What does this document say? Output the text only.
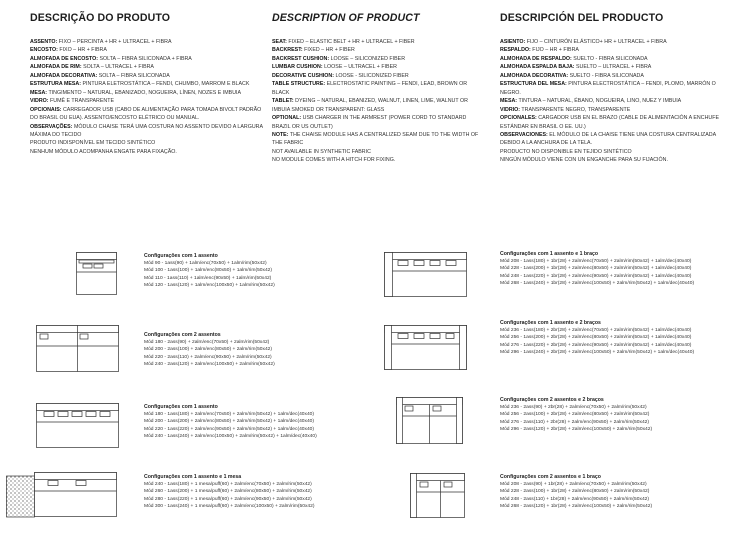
DESCRIÇÃO DO PRODUTO

ASSENTO: FIXO – PERCINTA + HR + ULTRACEL + FIBRA

ENCOSTO: FIXO – HR + FIBRA

ALMOFADA DE ENCOSTO: SOLTA – FIBRA SILICONADA + FIBRA

ALMOFADA DE RIM: SOLTA – ULTRACEL + FIBRA

ALMOFADA DECORATIVA: SOLTA – FIBRA SILICONADA

ESTRUTURA MESA: PINTURA ELETROSTÁTICA – FENDI, CHUMBO, MARROM E BLACK

MESA: TINGIMENTO – NATURAL, EBANIZADO, NOGUEIRA, LÍNEN, NOZES E IMBUIA

VIDRO: FUMÊ E TRANSPARENTE

OPCIONAIS: CARREGADOR USB (CABO DE ALIMENTAÇÃO PARA TOMADA BIVOLT PADRÃO DO BRASIL OU EUA). ASSENTO/ENCOSTO ELÉTRICO OU MANUAL.

OBSERVAÇÕES: MÓDULO CHAISE TERÁ UMA COSTURA NO ASSENTO DEVIDO A LARGURA MÁXIMA DO TECIDO

PRODUTO INDISPONÍVEL EM TECIDO SINTÉTICO

NENHUM MÓDULO ACOMPANHA ENGATE PARA FIXAÇÃO.

DESCRIPTION OF PRODUCT

SEAT: FIXED – ELASTIC BELT + HR + ULTRACEL + FIBER

BACKREST: FIXED – HR + FIBER

BACKREST CUSHION: LOOSE – SILICONIZED FIBER

LUMBAR CUSHION: LOOSE – ULTRACEL + FIBER

DECORATIVE CUSHION: LOOSE - SILICONIZED FIBER

TABLE STRUCTURE: ELECTROSTATIC PAINTING – FENDI, LEAD, BROWN OR BLACK

TABLET: DYEING – NATURAL, EBANIZED, WALNUT, LINEN, LIME, WALNUT OR IMBUIA SMOKED OR TRANSPARENT: GLASS

OPTIONAL: USB CHARGER IN THE ARMREST (POWER CORD TO STANDARD BRAZIL OR US OUTLET)

NOTE: THE CHAISE MODULE HAS A CENTRALIZED SEAM DUE TO THE WIDTH OF THE FABRIC

NOT AVAILABLE IN SYNTHETIC FABRIC

NO MODULE COMES WITH A HITCH FOR FIXING.

DESCRIPCIÓN DEL PRODUCTO

ASIENTO: FIJO – CINTURÓN ELÁSTICO+ HR + ULTRACEL + FIBRA

RESPALDO: FIJO – HR + FIBRA

ALMOHADA DE RESPALDO: SUELTO - FIBRA SILICONADA

ALMOHADA ESPALDA BAJA: SUELTO – ULTRACEL + FIBRA

ALMOHADA DECORATIVA: SUELTO - FIBRA SILICONADA

ESTRUCTURA DEL MESA: PINTURA ELECTROSTÁTICA – FENDI, PLOMO, MARRÓN O NEGRO.

MESA: TINTURA – NATURAL, ÉBANO, NOGUEIRA, LINO, NUEZ Y IMBUIA

VIDRIO: TRANSPARENTE NEGRO, TRANSPARENTE

OPCIONALES: CARGADOR USB EN EL BRAZO (CABLE DE ALIMENTACIÓN A ENCHUFE ESTÁNDAR EN BRASIL O EE. UU.)

OBSERVACIONES: EL MÓDULO DE LA CHAISE TIENE UNA COSTURA CENTRALIZADA DEBIDO A LA ANCHURA DE LA TELA.

PRODUCTO NO DISPONIBLE EN TEJIDO SINTÉTICO

NINGÚN MÓDULO VIENE CON UN ENGANCHE PARA SU FIJACIÓN.

Configurações com 1 assento
Mód 90 - 1ass(90) + 1alm/enc(70x50) + 1alm/rim(50x42)
Mód 100 - 1ass(100) + 1alm/enc(80x50) + 1alm/rim(50x42)
Mód 110 - 1ass(110) + 1alm/enc(90x50) + 1alm/rim(50x42)
Mód 120 - 1ass(120) + 1alm/enc(100x50) + 1alm/rim(50x42)
Configurações com 2 assentos
Mód 180 - 2ass(90) + 2alm/enc(70x50) + 2alm/rim(50x42)
Mód 200 - 2ass(100) + 2alm/enc(80x50) + 2alm/rim(50x42)
Mód 220 - 2ass(110) + 2alm/enc(90x50) + 2alm/rim(50x42)
Mód 240 - 2ass(120) + 2alm/enc(100x50) + 2alm/rim(50x42)
Configurações com 1 assento
Mód 180 - 1ass(180) + 2alm/enc(70x50) + 2alm/rim(50x42) + 1alm/dec(40x40)
Mód 200 - 1ass(200) + 2alm/enc(80x50) + 2alm/rim(50x42) + 1alm/dec(40x40)
Mód 220 - 1ass(220) + 2alm/enc(90x50) + 2alm/rim(50x42) + 1alm/dec(40x40)
Mód 240 - 1ass(240) + 2alm/enc(100x50) + 2alm/rim(50x42) + 1alm/dec(40x40)
Configurações com 1 assento e 1 mesa
Mód 240 - 1ass(180) + 1 mesa/puff(60) + 2alm/enc(70x50) + 2alm/rim(50x42)
Mód 260 - 1ass(200) + 1 mesa/puff(60) + 2alm/enc(80x50) + 2alm/rim(50x42)
Mód 280 - 1ass(220) + 1 mesa/puff(60) + 2alm/enc(90x50) + 2alm/rim(50x42)
Mód 300 - 1ass(240) + 1 mesa/puff(60) + 2alm/enc(100x50) + 2alm/rim(50x42)
Configurações com 1 assento e 1 braço
Mód 208 - 1ass(180) + 1br(28) + 2alm/enc(70x50) + 2alm/rim(50x42) + 1alm/dec(40x40)
Mód 228 - 1ass(200) + 1br(28) + 2alm/enc(80x50) + 2alm/rim(50x42) + 1alm/dec(40x40)
Mód 248 - 1ass(220) + 1br(28) + 2alm/enc(90x50) + 2alm/rim(50x42) + 1alm/dec(40x40)
Mód 268 - 1ass(240) + 1br(28) + 2alm/enc(100x50) + 2alm/rim(50x42) + 1alm/dec(40x40)
Configurações com 1 assento e 2 braços
Mód 236 - 1ass(180) + 2br(28) + 2alm/enc(70x50) + 2alm/rim(50x42) + 1alm/dec(40x40)
Mód 256 - 1ass(200) + 2br(28) + 2alm/enc(80x50) + 2alm/rim(50x42) + 1alm/dec(40x40)
Mód 276 - 1ass(220) + 2br(28) + 2alm/enc(90x50) + 2alm/rim(50x42) + 1alm/dec(40x40)
Mód 296 - 1ass(240) + 2br(28) + 2alm/enc(100x50) + 2alm/rim(50x42) + 1alm/dec(40x40)
Configurações com 2 assentos e 2 braços
Mód 236 - 2ass(90) + 2br(28) + 2alm/enc(70x50) + 2alm/rim(50x42)
Mód 256 - 2ass(100) + 2br(28) + 2alm/enc(80x50) + 2alm/rim(50x42)
Mód 276 - 2ass(110) + 2br(28) + 2alm/enc(90x50) + 2alm/rim(50x42)
Mód 296 - 2ass(120) + 2br(28) + 2alm/enc(100x50) + 2alm/rim(50x42)
Configurações com 2 assentos e 1 braço
Mód 208 - 2ass(90) + 1br(28) + 2alm/enc(70x50) + 2alm/rim(50x42)
Mód 228 - 2ass(100) + 1br(28) + 2alm/enc(80x50) + 2alm/rim(50x42)
Mód 248 - 2ass(110) + 1br(28) + 2alm/enc(90x50) + 2alm/rim(50x42)
Mód 268 - 2ass(120) + 1br(28) + 2alm/enc(100x50) + 2alm/rim(50x42)
